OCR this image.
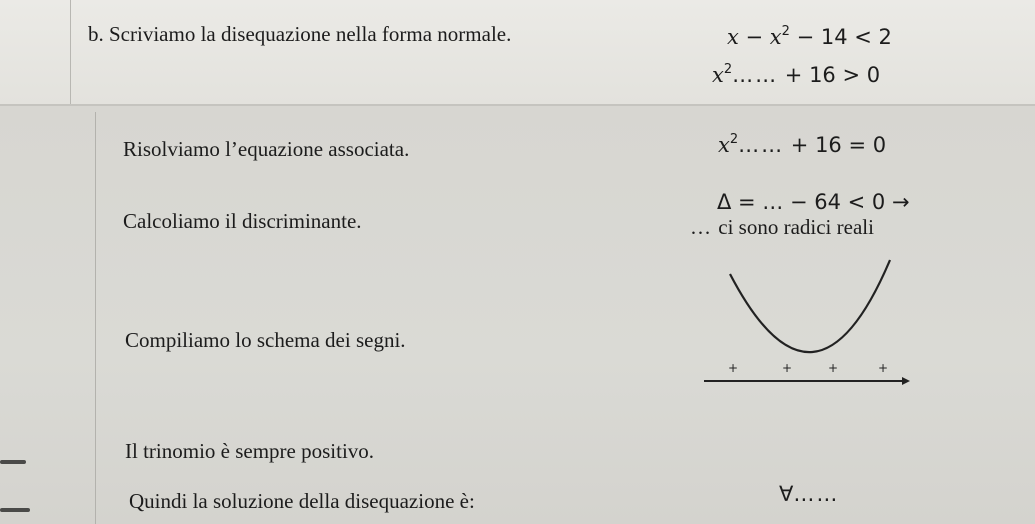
b. Scriviamo la disequazione nella forma normale.	$x - x^2 - 14 < 2$
$x^2\dots\dots + 16 > 0$
Risolviamo l’equazione associata.	$x^2\dots\dots + 16 = 0$
Calcoliamo il discriminante.
Δ = … − 64 < 0 →
… ci sono radici reali
Compiliamo lo schema dei segni.
+	+	+	+
Il trinomio è sempre positivo.
Quindi la soluzione della disequazione è:	∀……
